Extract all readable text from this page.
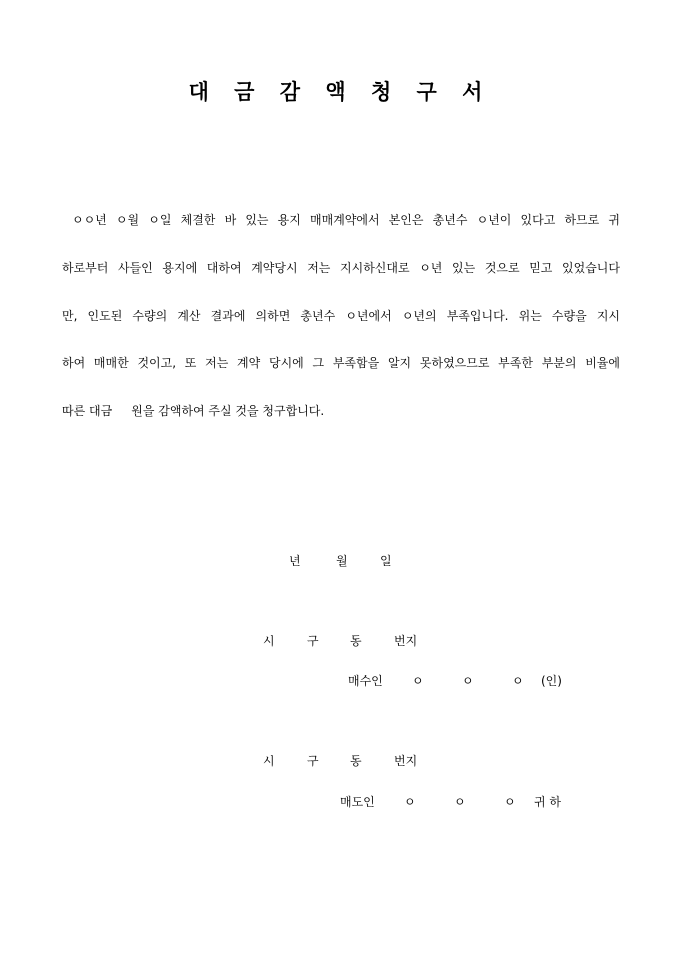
대 금 감 액 청 구 서

ㅇㅇ년 ㅇ월 ㅇ일 체결한 바 있는 용지 매매계약에서 본인은 총년수 ㅇ년이 있다고 하므로 귀

하로부터 사들인 용지에 대하여 계약당시 저는 지시하신대로 ㅇ년 있는 것으로 믿고 있었습니다

만, 인도된 수량의 계산 결과에 의하면 총년수 ㅇ년에서 ㅇ년의 부족입니다. 위는 수량을 지시

하여 매매한 것이고, 또 저는 계약 당시에 그 부족함을 알지 못하였으므로 부족한 부분의 비율에

따른 대금     원을 감액하여 주실 것을 청구합니다.

년	월	일
시	구	동	번지
매수인 ㅇ	ㅇ	ㅇ (인)
시	구	동	번지
매도인 ㅇ	ㅇ	ㅇ 귀 하
